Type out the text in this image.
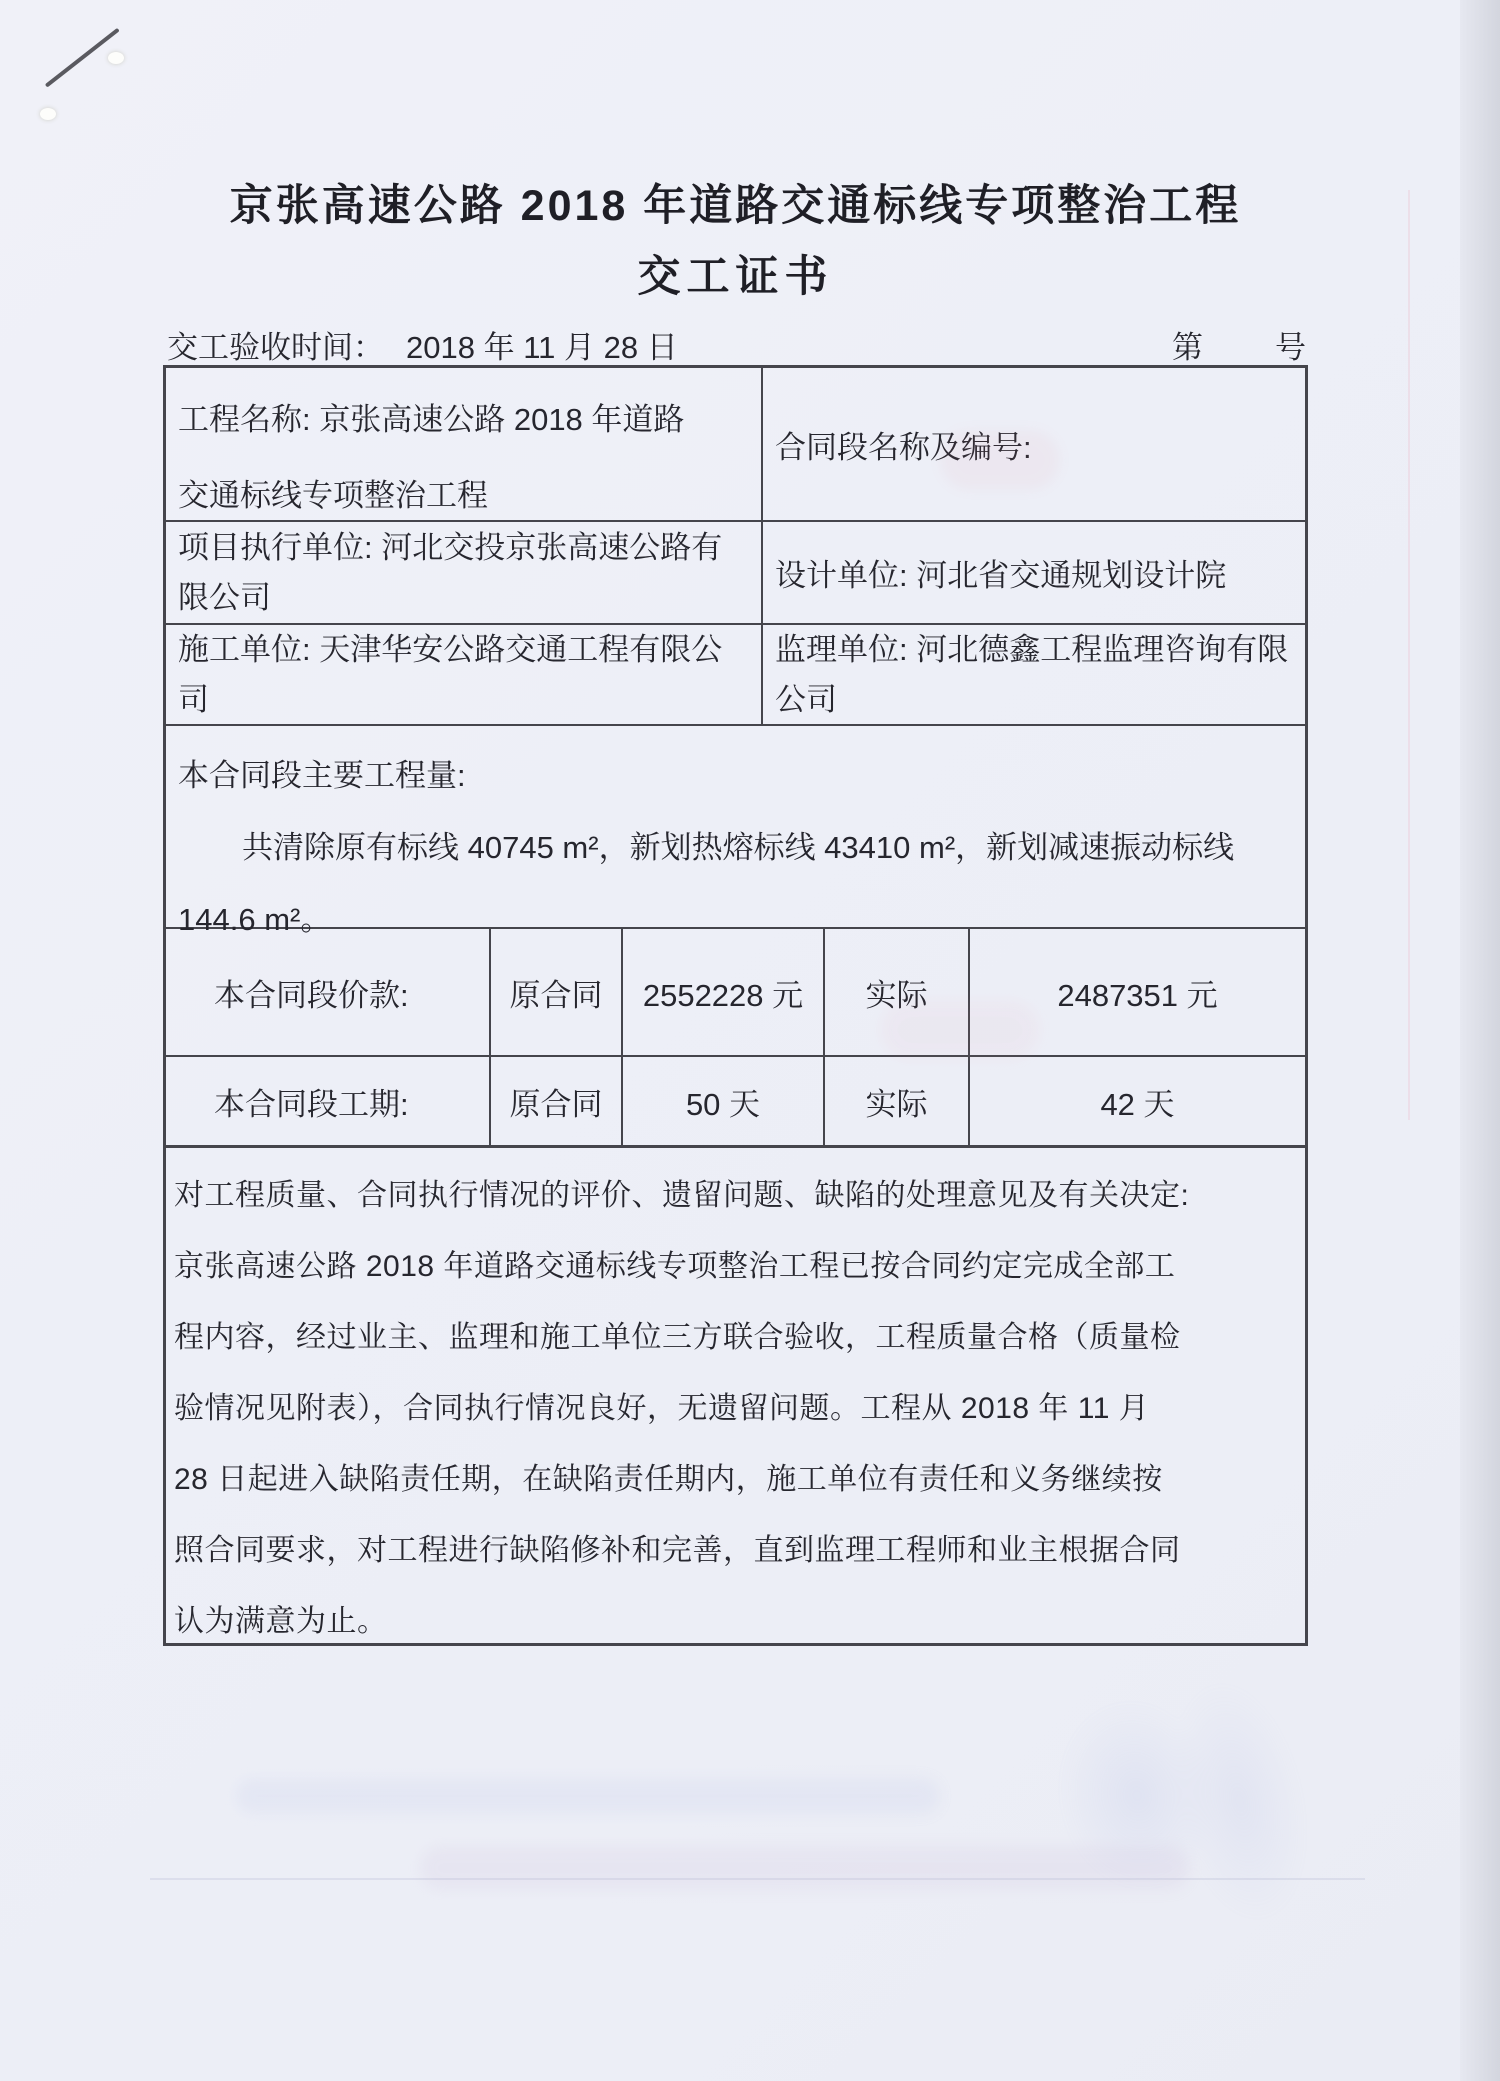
京张高速公路 2018 年道路交通标线专项整治工程
交工证书
交工验收时间： 2018 年 11 月 28 日	第 号
工程名称: 京张高速公路 2018 年道路
交通标线专项整治工程
合同段名称及编号:
项目执行单位: 河北交投京张高速公路有限公司
设计单位: 河北省交通规划设计院
施工单位: 天津华安公路交通工程有限公司
监理单位: 河北德鑫工程监理咨询有限公司
本合同段主要工程量:
共清除原有标线 40745 m²，新划热熔标线 43410 m²，新划减速振动标线
144.6 m²。
本合同段价款:	原合同 2552228 元 实际	2487351 元
本合同段工期:	原合同	50 天	实际	42 天
对工程质量、合同执行情况的评价、遗留问题、缺陷的处理意见及有关决定:
京张高速公路 2018 年道路交通标线专项整治工程已按合同约定完成全部工
程内容，经过业主、监理和施工单位三方联合验收，工程质量合格（质量检
验情况见附表），合同执行情况良好，无遗留问题。工程从 2018 年 11 月
28 日起进入缺陷责任期，在缺陷责任期内，施工单位有责任和义务继续按
照合同要求，对工程进行缺陷修补和完善，直到监理工程师和业主根据合同
认为满意为止。
